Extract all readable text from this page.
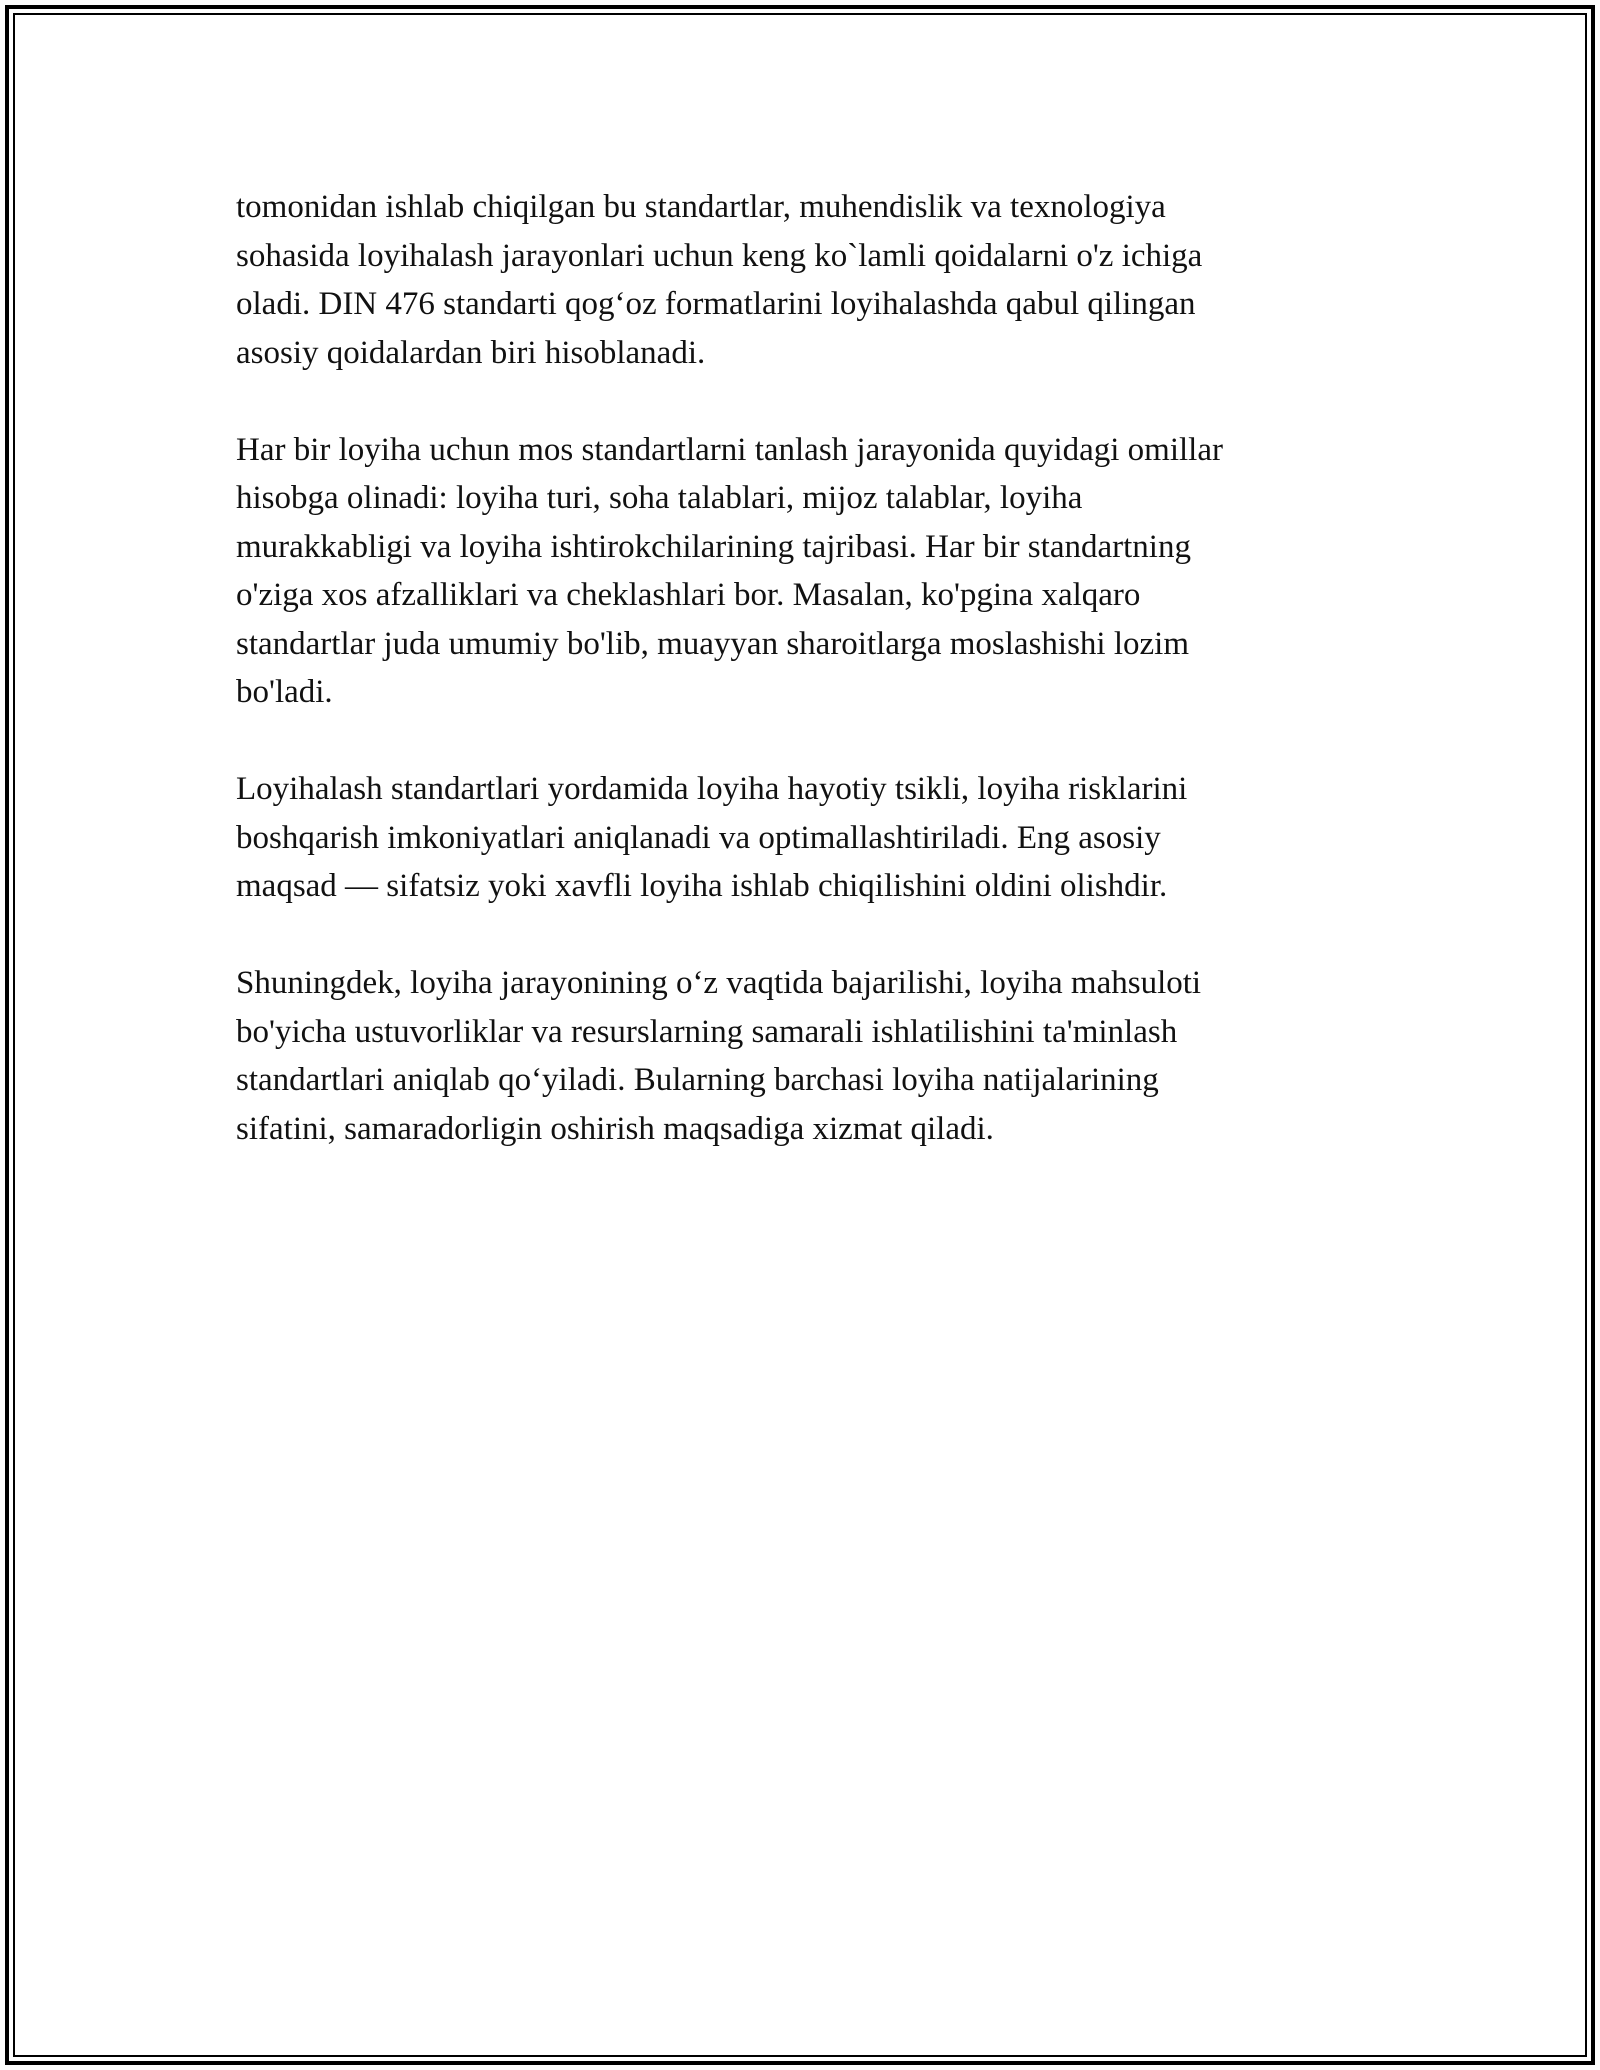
tomonidan ishlab chiqilgan bu standartlar, muhendislik va texnologiya
sohasida loyihalash jarayonlari uchun keng ko`lamli qoidalarni o'z ichiga
oladi. DIN 476 standarti qog‘oz formatlarini loyihalashda qabul qilingan
asosiy qoidalardan biri hisoblanadi.

Har bir loyiha uchun mos standartlarni tanlash jarayonida quyidagi omillar
hisobga olinadi: loyiha turi, soha talablari, mijoz talablar, loyiha
murakkabligi va loyiha ishtirokchilarining tajribasi. Har bir standartning
o'ziga xos afzalliklari va cheklashlari bor. Masalan, ko'pgina xalqaro
standartlar juda umumiy bo'lib, muayyan sharoitlarga moslashishi lozim
bo'ladi.

Loyihalash standartlari yordamida loyiha hayotiy tsikli, loyiha risklarini
boshqarish imkoniyatlari aniqlanadi va optimallashtiriladi. Eng asosiy
maqsad — sifatsiz yoki xavfli loyiha ishlab chiqilishini oldini olishdir.

Shuningdek, loyiha jarayonining o‘z vaqtida bajarilishi, loyiha mahsuloti
bo'yicha ustuvorliklar va resurslarning samarali ishlatilishini ta'minlash
standartlari aniqlab qo‘yiladi. Bularning barchasi loyiha natijalarining
sifatini, samaradorligin oshirish maqsadiga xizmat qiladi.
